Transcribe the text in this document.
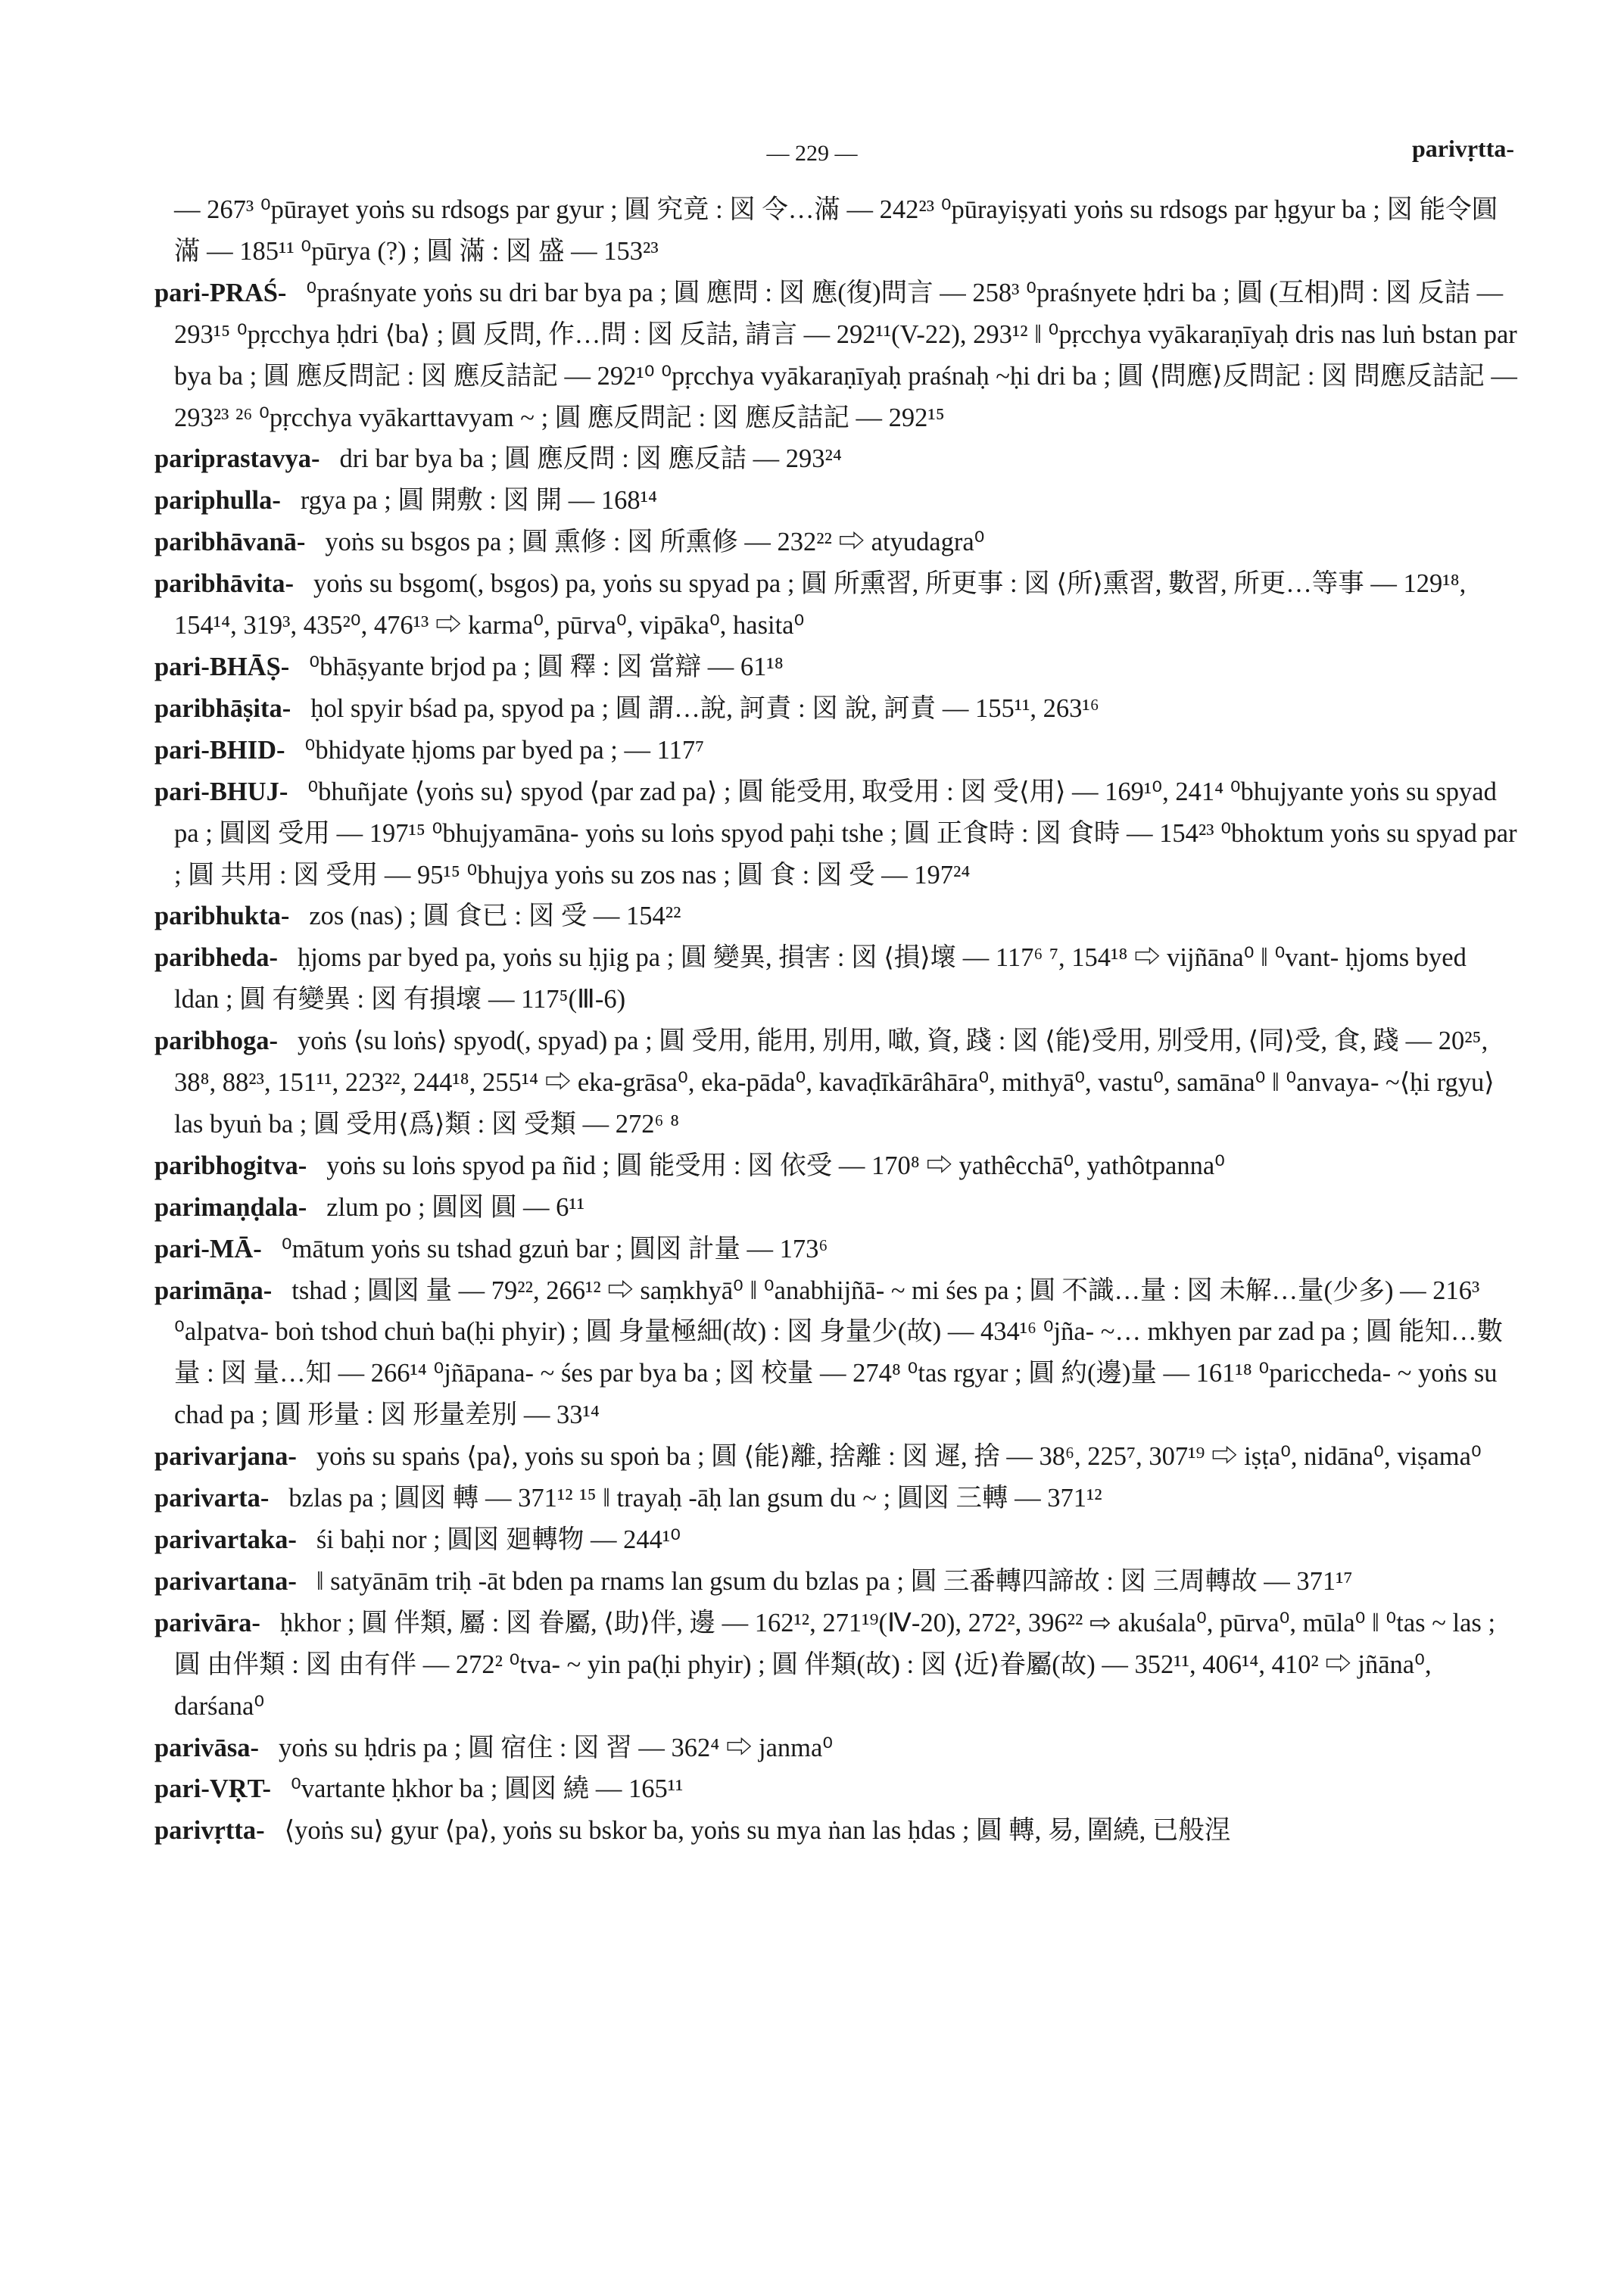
— 229 —	parivṛtta-

— 267³ ⁰pūrayet yoṅs su rdsogs par gyur ; 圓 究竟 : 図 令…滿 — 242²³ ⁰pūrayiṣyati yoṅs su rdsogs par ḥgyur ba ; 図 能令圓滿 — 185¹¹ ⁰pūrya (?) ; 圓 滿 : 図 盛 — 153²³

pari-PRAŚ- ⁰praśnyate yoṅs su dri bar bya pa ; 圓 應問 : 図 應(復)問言 — 258³ ⁰praśnyete ḥdri ba ; 圓 (互相)問 : 図 反詰 — 293¹⁵ ⁰pṛcchya ḥdri ⟨ba⟩ ; 圓 反問, 作…問 : 図 反詰, 請言 — 292¹¹(V-22), 293¹² ‖ ⁰pṛcchya vyākaraṇīyaḥ dris nas luṅ bstan par bya ba ; 圓 應反問記 : 図 應反詰記 — 292¹⁰ ⁰pṛcchya vyākaraṇīyaḥ praśnaḥ ~ḥi dri ba ; 圓 ⟨問應⟩反問記 : 図 問應反詰記 — 293²³ ²⁶ ⁰pṛcchya vyākarttavyam ~ ; 圓 應反問記 : 図 應反詰記 — 292¹⁵

pariprastavya- dri bar bya ba ; 圓 應反問 : 図 應反詰 — 293²⁴

pariphulla- rgya pa ; 圓 開敷 : 図 開 — 168¹⁴

paribhāvanā- yoṅs su bsgos pa ; 圓 熏修 : 図 所熏修 — 232²² ⇨ atyudagra⁰

paribhāvita- yoṅs su bsgom(, bsgos) pa, yoṅs su spyad pa ; 圓 所熏習, 所更事 : 図 ⟨所⟩熏習, 數習, 所更…等事 — 129¹⁸, 154¹⁴, 319³, 435²⁰, 476¹³ ⇨ karma⁰, pūrva⁰, vipāka⁰, hasita⁰

pari-BHĀṢ- ⁰bhāṣyante brjod pa ; 圓 釋 : 図 當辯 — 61¹⁸

paribhāṣita- ḥol spyir bśad pa, spyod pa ; 圓 謂…說, 訶責 : 図 說, 訶責 — 155¹¹, 263¹⁶

pari-BHID- ⁰bhidyate ḥjoms par byed pa ; — 117⁷

pari-BHUJ- ⁰bhuñjate ⟨yoṅs su⟩ spyod ⟨par zad pa⟩ ; 圓 能受用, 取受用 : 図 受⟨用⟩ — 169¹⁰, 241⁴ ⁰bhujyante yoṅs su spyad pa ; 圓図 受用 — 197¹⁵ ⁰bhujyamāna- yoṅs su loṅs spyod paḥi tshe ; 圓 正食時 : 図 食時 — 154²³ ⁰bhoktum yoṅs su spyad par ; 圓 共用 : 図 受用 — 95¹⁵ ⁰bhujya yoṅs su zos nas ; 圓 食 : 図 受 — 197²⁴

paribhukta- zos (nas) ; 圓 食已 : 図 受 — 154²²

paribheda- ḥjoms par byed pa, yoṅs su ḥjig pa ; 圓 變異, 損害 : 図 ⟨損⟩壞 — 117⁶ ⁷, 154¹⁸ ⇨ vijñāna⁰ ‖ ⁰vant- ḥjoms byed ldan ; 圓 有變異 : 図 有損壞 — 117⁵(Ⅲ-6)

paribhoga- yoṅs ⟨su loṅs⟩ spyod(, spyad) pa ; 圓 受用, 能用, 別用, 噉, 資, 踐 : 図 ⟨能⟩受用, 別受用, ⟨同⟩受, 食, 踐 — 20²⁵, 38⁸, 88²³, 151¹¹, 223²², 244¹⁸, 255¹⁴ ⇨ eka-grāsa⁰, eka-pāda⁰, kavaḍīkārâhāra⁰, mithyā⁰, vastu⁰, samāna⁰ ‖ ⁰anvaya- ~⟨ḥi rgyu⟩ las byuṅ ba ; 圓 受用⟨爲⟩類 : 図 受類 — 272⁶ ⁸

paribhogitva- yoṅs su loṅs spyod pa ñid ; 圓 能受用 : 図 依受 — 170⁸ ⇨ yathêcchā⁰, yathôtpanna⁰

parimaṇḍala- zlum po ; 圓図 圓 — 6¹¹

pari-MĀ- ⁰mātum yoṅs su tshad gzuṅ bar ; 圓図 計量 — 173⁶

parimāṇa- tshad ; 圓図 量 — 79²², 266¹² ⇨ saṃkhyā⁰ ‖ ⁰anabhijñā- ~ mi śes pa ; 圓 不識…量 : 図 未解…量(少多) — 216³ ⁰alpatva- boṅ tshod chuṅ ba(ḥi phyir) ; 圓 身量極細(故) : 図 身量少(故) — 434¹⁶ ⁰jña- ~… mkhyen par zad pa ; 圓 能知…數量 : 図 量…知 — 266¹⁴ ⁰jñāpana- ~ śes par bya ba ; 図 校量 — 274⁸ ⁰tas rgyar ; 圓 約(邊)量 — 161¹⁸ ⁰pariccheda- ~ yoṅs su chad pa ; 圓 形量 : 図 形量差別 — 33¹⁴

parivarjana- yoṅs su spaṅs ⟨pa⟩, yoṅs su spoṅ ba ; 圓 ⟨能⟩離, 捨離 : 図 遲, 捨 — 38⁶, 225⁷, 307¹⁹ ⇨ iṣṭa⁰, nidāna⁰, viṣama⁰

parivarta- bzlas pa ; 圓図 轉 — 371¹² ¹⁵ ‖ trayaḥ -āḥ lan gsum du ~ ; 圓図 三轉 — 371¹²

parivartaka- śi baḥi nor ; 圓図 廻轉物 — 244¹⁰

parivartana- ‖ satyānām triḥ -āt bden pa rnams lan gsum du bzlas pa ; 圓 三番轉四諦故 : 図 三周轉故 — 371¹⁷

parivāra- ḥkhor ; 圓 伴類, 屬 : 図 眷屬, ⟨助⟩伴, 邊 — 162¹², 271¹⁹(Ⅳ-20), 272², 396²² ⇨ akuśala⁰, pūrva⁰, mūla⁰ ‖ ⁰tas ~ las ; 圓 由伴類 : 図 由有伴 — 272² ⁰tva- ~ yin pa(ḥi phyir) ; 圓 伴類(故) : 図 ⟨近⟩眷屬(故) — 352¹¹, 406¹⁴, 410² ⇨ jñāna⁰, darśana⁰

parivāsa- yoṅs su ḥdris pa ; 圓 宿住 : 図 習 — 362⁴ ⇨ janma⁰

pari-VṚT- ⁰vartante ḥkhor ba ; 圓図 繞 — 165¹¹

parivṛtta- ⟨yoṅs su⟩ gyur ⟨pa⟩, yoṅs su bskor ba, yoṅs su mya ṅan las ḥdas ; 圓 轉, 易, 圍繞, 已般涅
